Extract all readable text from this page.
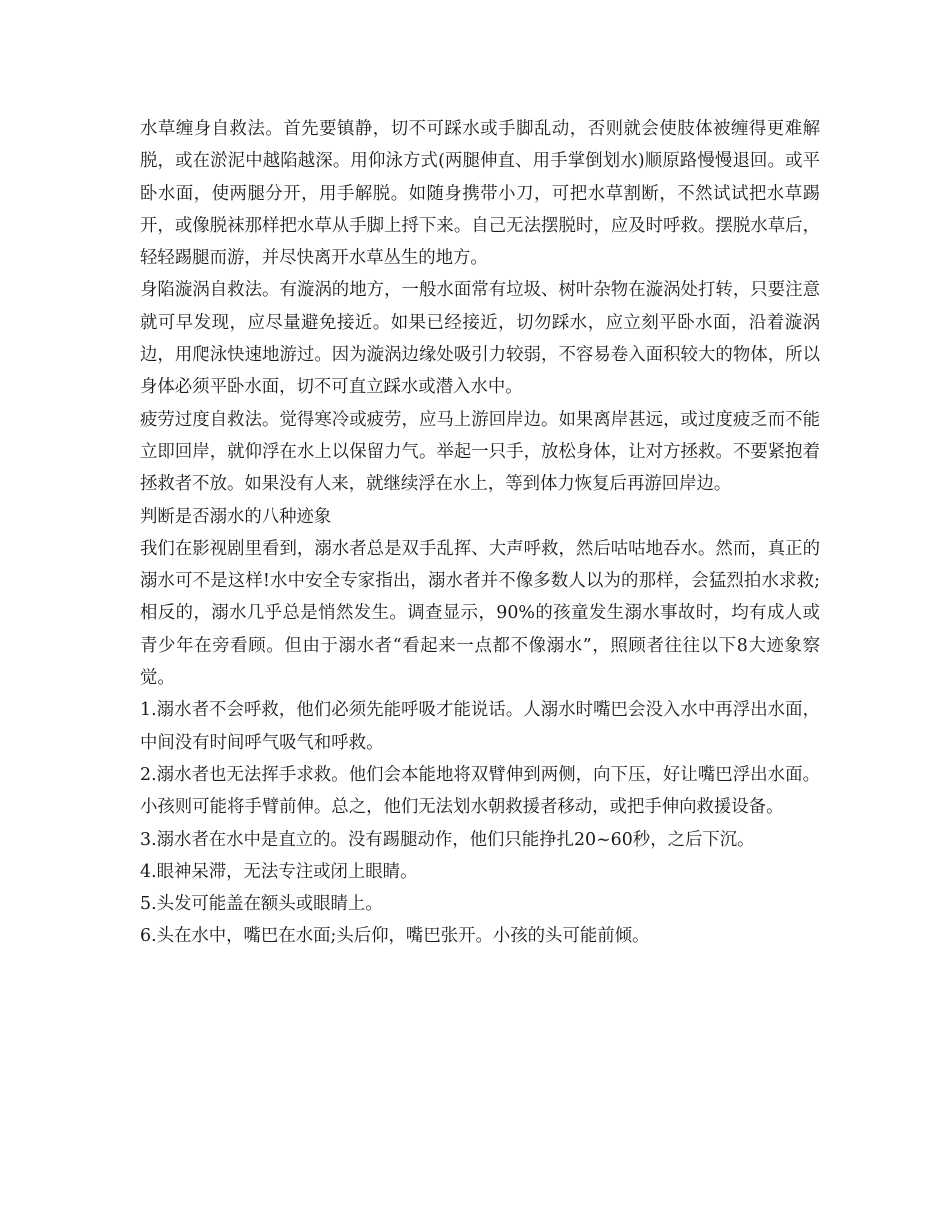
水草缠身自救法。首先要镇静，切不可踩水或手脚乱动，否则就会使肢体被缠得更难解脱，或在淤泥中越陷越深。用仰泳方式(两腿伸直、用手掌倒划水)顺原路慢慢退回。或平卧水面，使两腿分开，用手解脱。如随身携带小刀，可把水草割断，不然试试把水草踢开，或像脱袜那样把水草从手脚上捋下来。自己无法摆脱时，应及时呼救。摆脱水草后，轻轻踢腿而游，并尽快离开水草丛生的地方。

身陷漩涡自救法。有漩涡的地方，一般水面常有垃圾、树叶杂物在漩涡处打转，只要注意就可早发现，应尽量避免接近。如果已经接近，切勿踩水，应立刻平卧水面，沿着漩涡边，用爬泳快速地游过。因为漩涡边缘处吸引力较弱，不容易卷入面积较大的物体，所以身体必须平卧水面，切不可直立踩水或潜入水中。

疲劳过度自救法。觉得寒冷或疲劳，应马上游回岸边。如果离岸甚远，或过度疲乏而不能立即回岸，就仰浮在水上以保留力气。举起一只手，放松身体，让对方拯救。不要紧抱着拯救者不放。如果没有人来，就继续浮在水上，等到体力恢复后再游回岸边。

判断是否溺水的八种迹象

我们在影视剧里看到，溺水者总是双手乱挥、大声呼救，然后咕咕地吞水。然而，真正的溺水可不是这样!水中安全专家指出，溺水者并不像多数人以为的那样，会猛烈拍水求救;相反的，溺水几乎总是悄然发生。调查显示，90%的孩童发生溺水事故时，均有成人或青少年在旁看顾。但由于溺水者“看起来一点都不像溺水”，照顾者往往以下8大迹象察觉。

1.溺水者不会呼救，他们必须先能呼吸才能说话。人溺水时嘴巴会没入水中再浮出水面，中间没有时间呼气吸气和呼救。

2.溺水者也无法挥手求救。他们会本能地将双臂伸到两侧，向下压，好让嘴巴浮出水面。小孩则可能将手臂前伸。总之，他们无法划水朝救援者移动，或把手伸向救援设备。

3.溺水者在水中是直立的。没有踢腿动作，他们只能挣扎20~60秒，之后下沉。

4.眼神呆滞，无法专注或闭上眼睛。

5.头发可能盖在额头或眼睛上。

6.头在水中，嘴巴在水面;头后仰，嘴巴张开。小孩的头可能前倾。
